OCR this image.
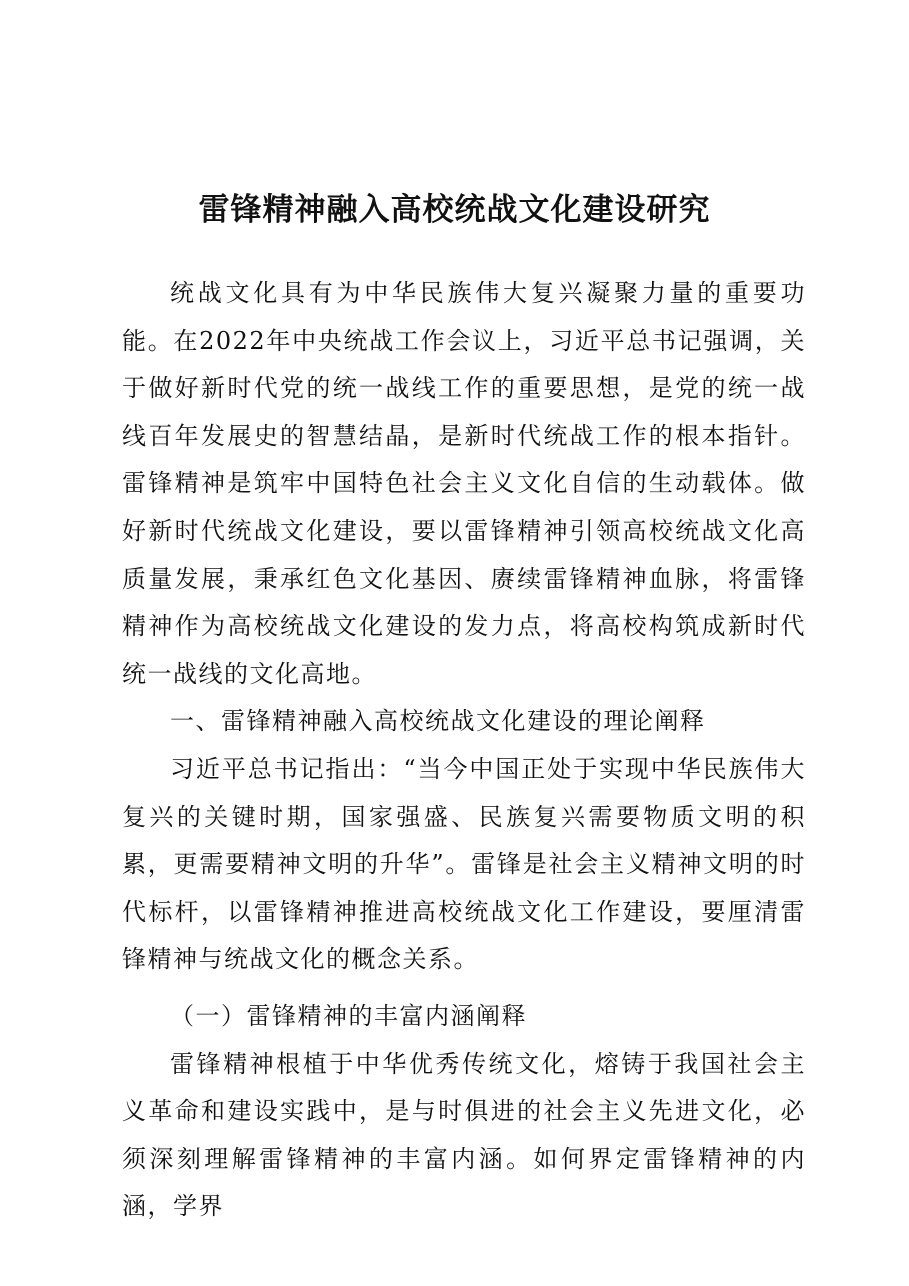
雷锋精神融入高校统战文化建设研究

统战文化具有为中华民族伟大复兴凝聚力量的重要功能。在2022年中央统战工作会议上，习近平总书记强调，关于做好新时代党的统一战线工作的重要思想，是党的统一战线百年发展史的智慧结晶，是新时代统战工作的根本指针。雷锋精神是筑牢中国特色社会主义文化自信的生动载体。做好新时代统战文化建设，要以雷锋精神引领高校统战文化高质量发展，秉承红色文化基因、赓续雷锋精神血脉，将雷锋精神作为高校统战文化建设的发力点，将高校构筑成新时代统一战线的文化高地。

一、雷锋精神融入高校统战文化建设的理论阐释

习近平总书记指出：“当今中国正处于实现中华民族伟大复兴的关键时期，国家强盛、民族复兴需要物质文明的积累，更需要精神文明的升华”。雷锋是社会主义精神文明的时代标杆，以雷锋精神推进高校统战文化工作建设，要厘清雷锋精神与统战文化的概念关系。

（一）雷锋精神的丰富内涵阐释

雷锋精神根植于中华优秀传统文化，熔铸于我国社会主义革命和建设实践中，是与时俱进的社会主义先进文化，必须深刻理解雷锋精神的丰富内涵。如何界定雷锋精神的内涵，学界
